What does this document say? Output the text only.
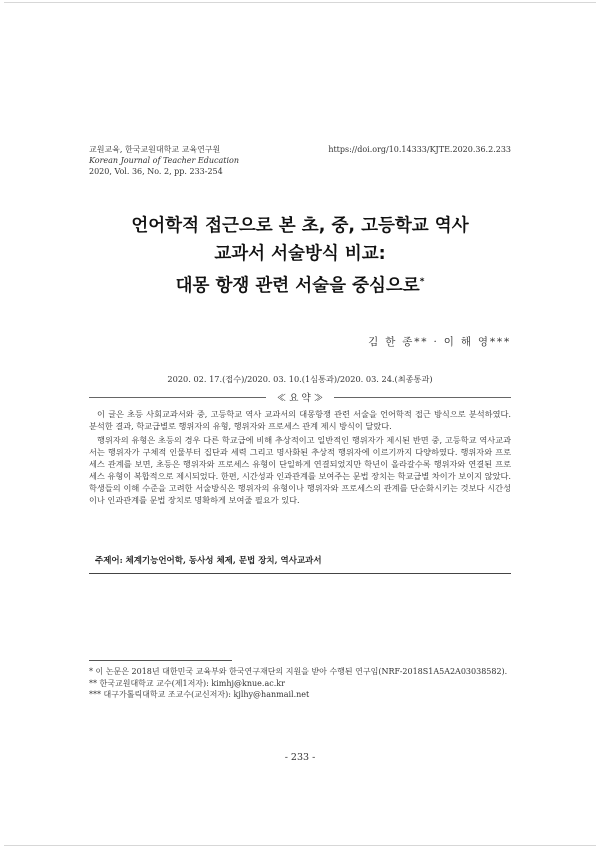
교원교육, 한국교원대학교 교육연구원
Korean Journal of Teacher Education
2020, Vol. 36, No. 2, pp. 233-254
https://doi.org/10.14333/KJTE.2020.36.2.233
언어학적 접근으로 본 초, 중, 고등학교 역사
교과서 서술방식 비교:
대몽 항쟁 관련 서술을 중심으로*
김 한 종** · 이 해 영***
2020. 02. 17.(접수)/2020. 03. 10.(1심통과)/2020. 03. 24.(최종통과)
≪ 요 약 ≫

이 글은 초등 사회교과서와 중, 고등학교 역사 교과서의 대몽항쟁 관련 서술을 언어학적 접근 방식으로 분석하였다. 분석한 결과, 학교급별로 행위자의 유형, 행위자와 프로세스 관계 제시 방식이 달랐다.

행위자의 유형은 초등의 경우 다른 학교급에 비해 추상적이고 일반적인 행위자가 제시된 반면 중, 고등학교 역사교과서는 행위자가 구체적 인물부터 집단과 세력 그리고 명사화된 추상적 행위자에 이르기까지 다양하였다. 행위자와 프로세스 관계를 보면, 초등은 행위자와 프로세스 유형이 단일하게 연결되었지만 학년이 올라갈수록 행위자와 연결된 프로세스 유형이 복합적으로 제시되었다. 한편, 시간성과 인과관계를 보여주는 문법 장치는 학교급별 차이가 보이지 않았다. 학생들의 이해 수준을 고려한 서술방식은 행위자의 유형이나 행위자와 프로세스의 관계를 단순화시키는 것보다 시간성이나 인과관계를 문법 장치로 명확하게 보여줄 필요가 있다.

주제어: 체계기능언어학, 동사성 체제, 문법 장치, 역사교과서
* 이 논문은 2018년 대한민국 교육부와 한국연구재단의 지원을 받아 수행된 연구임(NRF-2018S1A5A2A03038582).
** 한국교원대학교 교수(제1저자): kimhj@knue.ac.kr
*** 대구가톨릭대학교 조교수(교신저자): kjlhy@hanmail.net
- 233 -
